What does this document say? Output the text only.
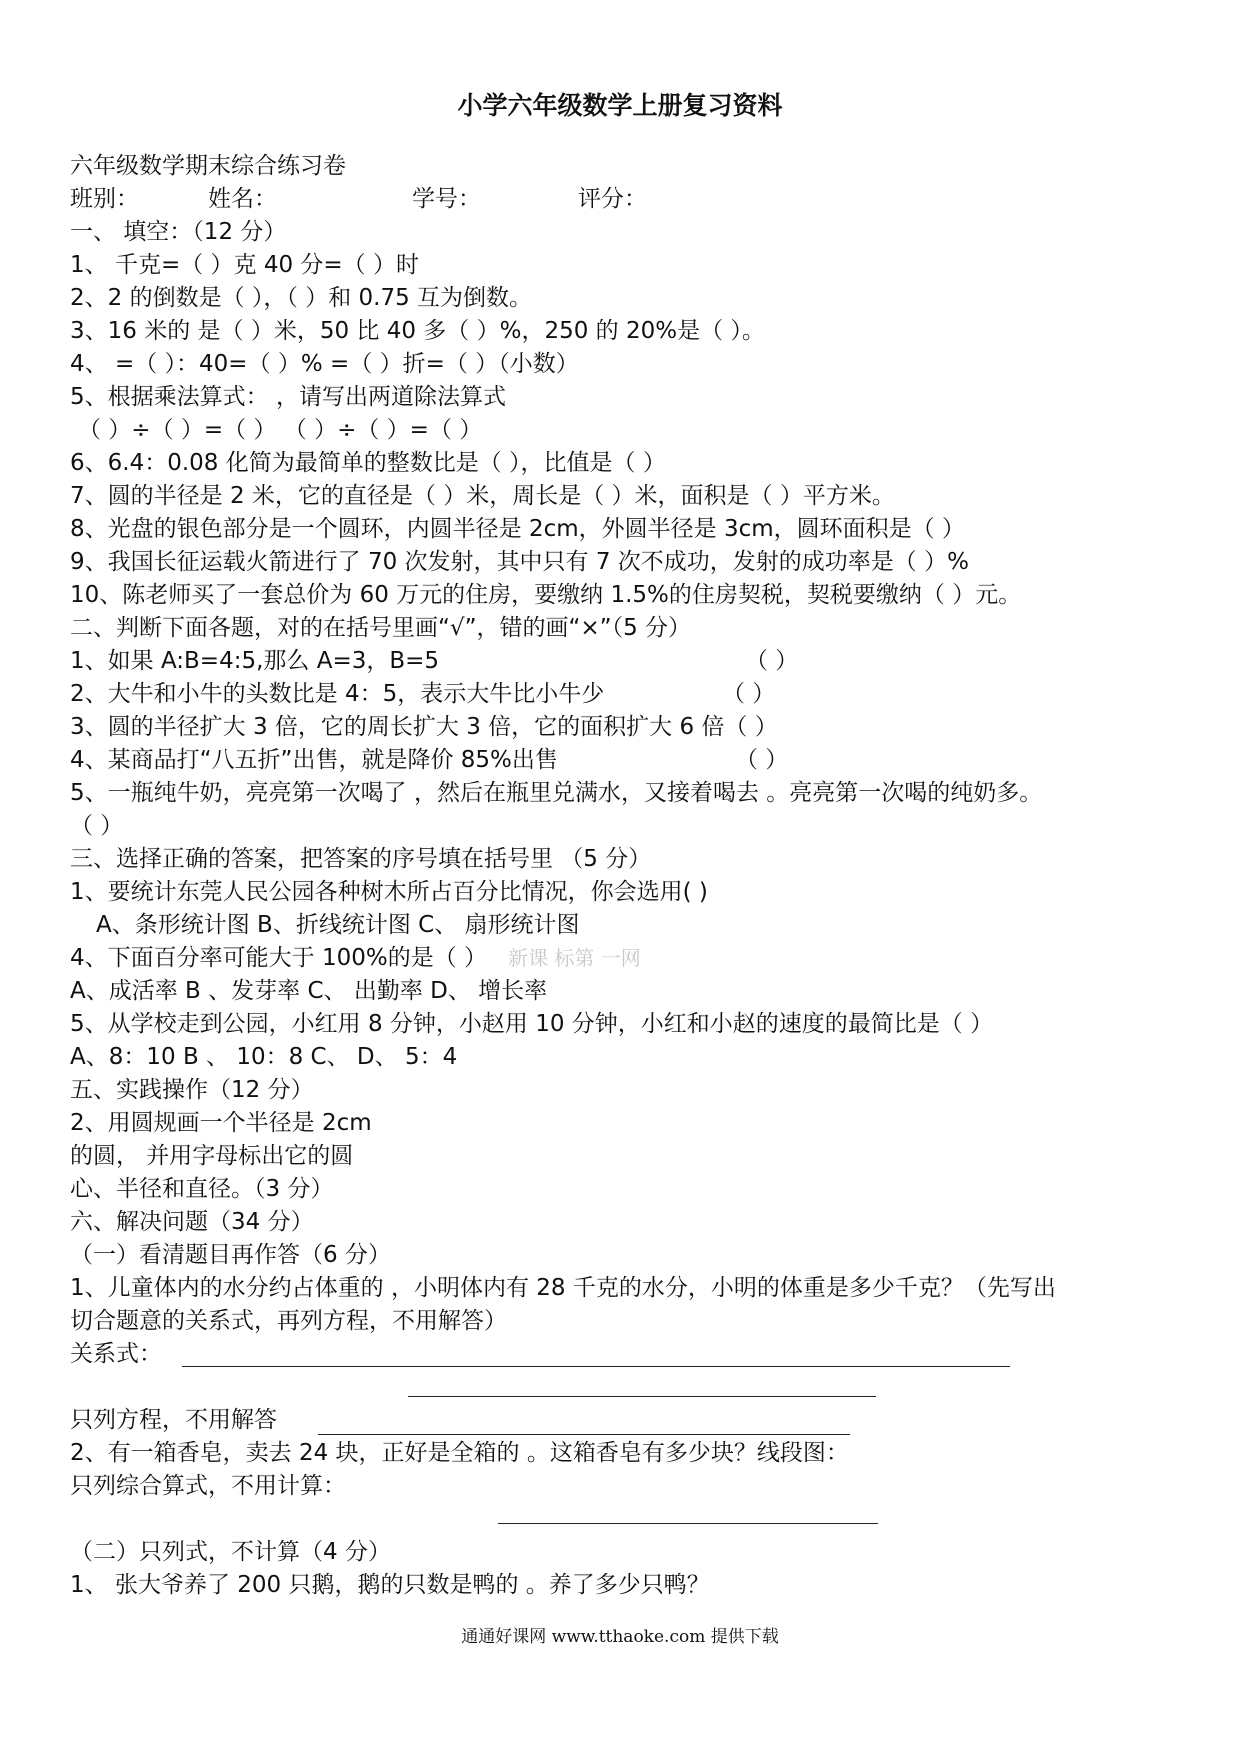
小学六年级数学上册复习资料
六年级数学期末综合练习卷
班别：	姓名：	学号：	评分：
一、 填空：（12 分）
1、 千克=（ ）克 40 分=（ ）时
2、2 的倒数是（ ），（ ）和 0.75 互为倒数。
3、16 米的 是（ ）米，50 比 40 多（ ）%，250 的 20%是（ ）。
4、 =（ ）：40=（ ）% =（ ）折=（ ）（小数）
5、根据乘法算式： ，请写出两道除法算式
（ ）÷（ ）=（ ） （ ）÷（ ）=（ ）
6、6.4：0.08 化简为最简单的整数比是（ ），比值是（ ）
7、圆的半径是 2 米，它的直径是（ ）米，周长是（ ）米，面积是（ ）平方米。
8、光盘的银色部分是一个圆环，内圆半径是 2cm，外圆半径是 3cm，圆环面积是（ ）
9、我国长征运载火箭进行了 70 次发射，其中只有 7 次不成功，发射的成功率是（ ）%
10、陈老师买了一套总价为 60 万元的住房，要缴纳 1.5%的住房契税，契税要缴纳（ ）元。
二、判断下面各题，对的在括号里画“√”，错的画“×”（5 分）
1、如果 A:B=4:5,那么 A=3，B=5	（ ）
2、大牛和小牛的头数比是 4：5，表示大牛比小牛少	（ ）
3、圆的半径扩大 3 倍，它的周长扩大 3 倍，它的面积扩大 6 倍（ ）
4、某商品打“八五折”出售，就是降价 85%出售	（ ）
5、一瓶纯牛奶，亮亮第一次喝了 ，然后在瓶里兑满水，又接着喝去 。亮亮第一次喝的纯奶多。
（ ）
三、选择正确的答案，把答案的序号填在括号里 （5 分）
1、要统计东莞人民公园各种树木所占百分比情况，你会选用( )
A、条形统计图 B、折线统计图 C、 扇形统计图
4、下面百分率可能大于 100%的是（ ） 新课 标第 一网
A、成活率 B 、发芽率 C、 出勤率 D、 增长率
5、从学校走到公园，小红用 8 分钟，小赵用 10 分钟，小红和小赵的速度的最简比是（ ）
A、8：10 B 、 10：8 C、 D、 5：4
五、实践操作（12 分）
2、用圆规画一个半径是 2cm
的圆， 并用字母标出它的圆
心、半径和直径。（3 分）
六、解决问题（34 分）
（一）看清题目再作答（6 分）
1、儿童体内的水分约占体重的 ，小明体内有 28 千克的水分，小明的体重是多少千克？（先写出
切合题意的关系式，再列方程，不用解答）
关系式：
只列方程，不用解答
2、有一箱香皂，卖去 24 块，正好是全箱的 。这箱香皂有多少块？线段图：
只列综合算式，不用计算：
（二）只列式，不计算（4 分）
1、 张大爷养了 200 只鹅，鹅的只数是鸭的 。养了多少只鸭？
通通好课网 www.tthaoke.com 提供下载
